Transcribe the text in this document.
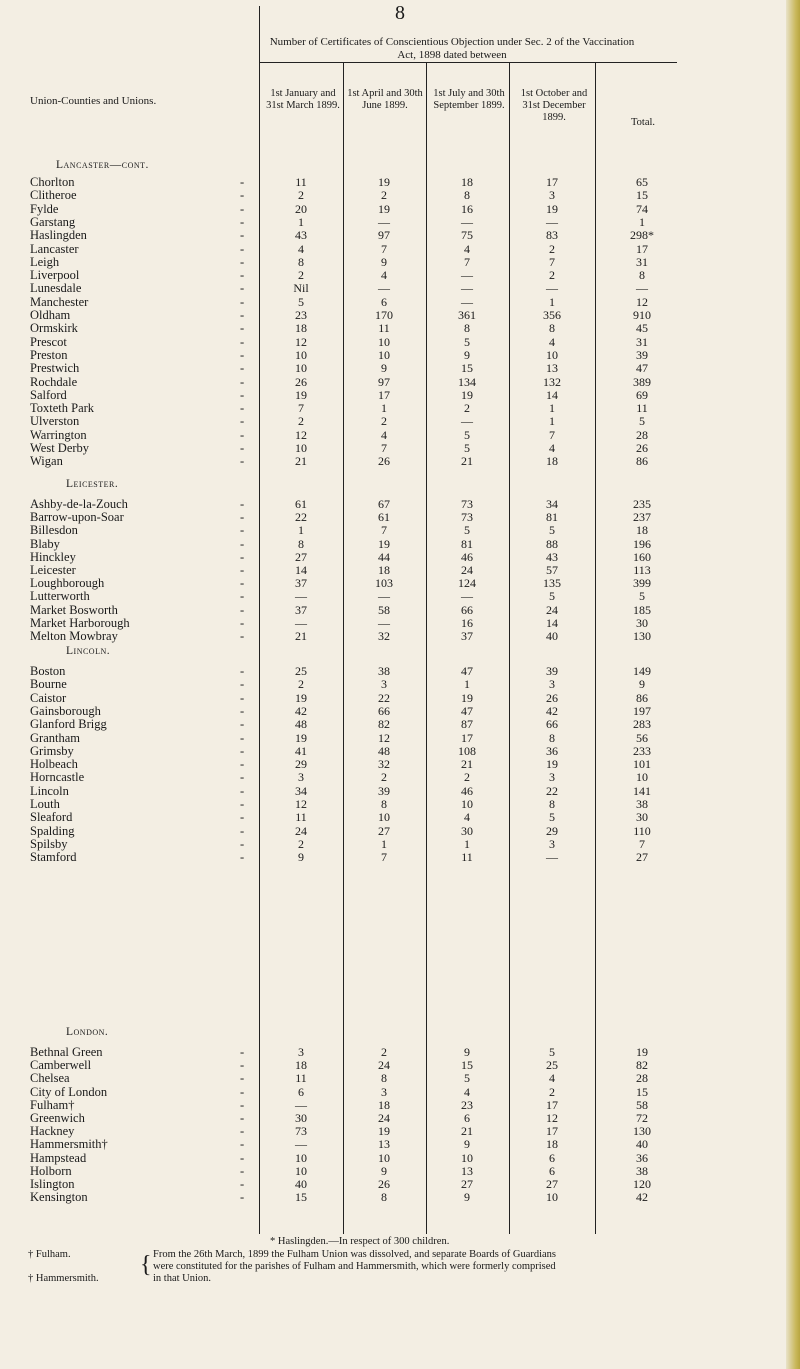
8
Number of Certificates of Conscientious Objection under Sec. 2 of the Vaccination Act, 1898 dated between
Union-Counties and Unions.
1st January and 31st March 1899.
1st April and 30th June 1899.
1st July and 30th September 1899.
1st October and 31st December 1899.	Total.
Lancaster—cont.
Chorlton	-	11	19	18	17	65
Clitheroe	-	2	2	8	3	15
Fylde	-	20	19	16	19	74
Garstang	-	1	—	—	—	1
Haslingden	-	43	97	75	83	298*
Lancaster	-	4	7	4	2	17
Leigh	-	8	9	7	7	31
Liverpool	-	2	4	—	2	8
Lunesdale	-	Nil	—	—	—	—
Manchester	-	5	6	—	1	12
Oldham	-	23	170	361	356	910
Ormskirk	-	18	11	8	8	45
Prescot	-	12	10	5	4	31
Preston	-	10	10	9	10	39
Prestwich	-	10	9	15	13	47
Rochdale	-	26	97	134	132	389
Salford	-	19	17	19	14	69
Toxteth Park	-	7	1	2	1	11
Ulverston	-	2	2	—	1	5
Warrington	-	12	4	5	7	28
West Derby	-	10	7	5	4	26
Wigan	-	21	26	21	18	86
Leicester.
Ashby-de-la-Zouch	-	61	67	73	34	235
Barrow-upon-Soar	-	22	61	73	81	237
Billesdon	-	1	7	5	5	18
Blaby	-	8	19	81	88	196
Hinckley	-	27	44	46	43	160
Leicester	-	14	18	24	57	113
Loughborough	-	37	103	124	135	399
Lutterworth	-	—	—	—	5	5
Market Bosworth	-	37	58	66	24	185
Market Harborough	-	—	—	16	14	30
Melton Mowbray	-	21	32	37	40	130
Lincoln.
Boston	-	25	38	47	39	149
Bourne	-	2	3	1	3	9
Caistor	-	19	22	19	26	86
Gainsborough	-	42	66	47	42	197
Glanford Brigg	-	48	82	87	66	283
Grantham	-	19	12	17	8	56
Grimsby	-	41	48	108	36	233
Holbeach	-	29	32	21	19	101
Horncastle	-	3	2	2	3	10
Lincoln	-	34	39	46	22	141
Louth	-	12	8	10	8	38
Sleaford	-	11	10	4	5	30
Spalding	-	24	27	30	29	110
Spilsby	-	2	1	1	3	7
Stamford	-	9	7	11	—	27
London.
Bethnal Green	-	3	2	9	5	19
Camberwell	-	18	24	15	25	82
Chelsea	-	11	8	5	4	28
City of London	-	6	3	4	2	15
Fulham†	-	—	18	23	17	58
Greenwich	-	30	24	6	12	72
Hackney	-	73	19	21	17	130
Hammersmith†	-	—	13	9	18	40
Hampstead	-	10	10	10	6	36
Holborn	-	10	9	13	6	38
Islington	-	40	26	27	27	120
Kensington	-	15	8	9	10	42
* Haslingden.—In respect of 300 children.
† Fulham.
† Hammersmith.
{ From the 26th March, 1899 the Fulham Union was dissolved, and separate Boards of Guardians
were constituted for the parishes of Fulham and Hammersmith, which were formerly comprised
in that Union.
